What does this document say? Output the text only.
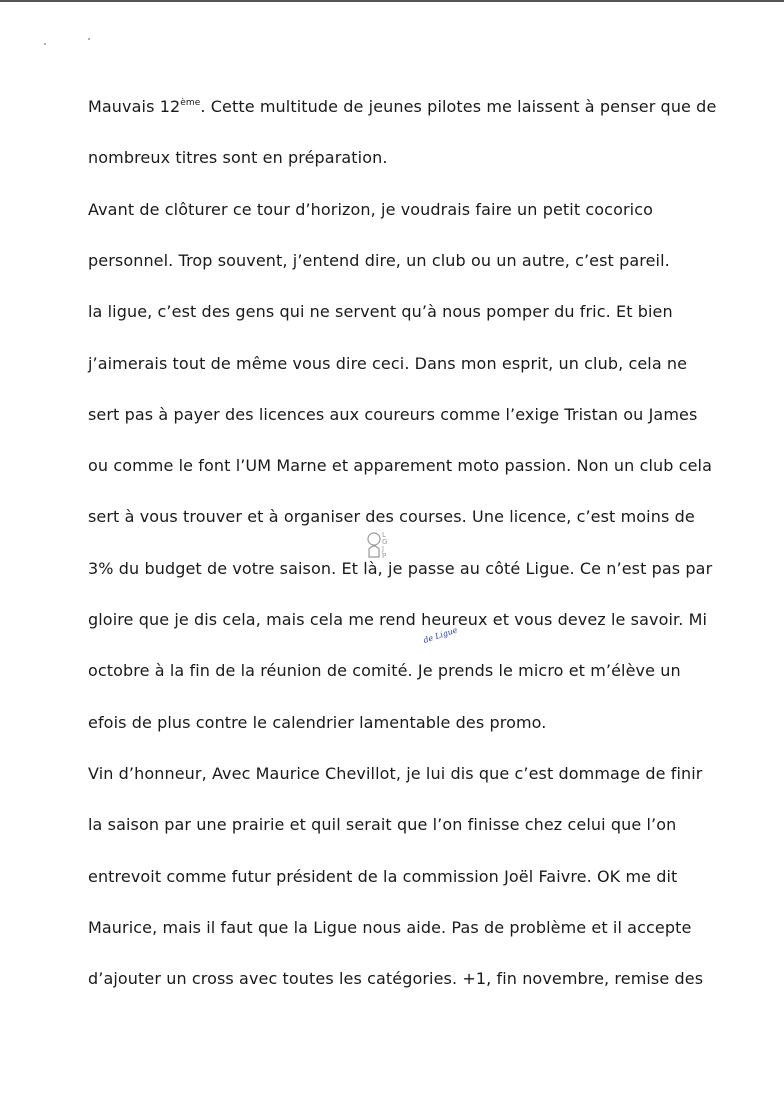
Mauvais 12ème. Cette multitude de jeunes pilotes me laissent à penser que de
nombreux titres sont en préparation.
Avant de clôturer ce tour d’horizon, je voudrais faire un petit cocorico
personnel. Trop souvent, j’entend dire, un club ou un autre, c’est pareil.
la ligue, c’est des gens qui ne servent qu’à nous pomper du fric. Et bien
j’aimerais tout de même vous dire ceci. Dans mon esprit, un club, cela ne
sert pas à payer des licences aux coureurs comme l’exige Tristan ou James
ou comme le font l’UM Marne et apparement moto passion. Non un club cela
sert à vous trouver et à organiser des courses. Une licence, c’est moins de
3% du budget de votre saison. Et là, je passe au côté Ligue. Ce n’est pas par
gloire que je dis cela, mais cela me rend heureux et vous devez le savoir. Mi
octobre à la fin de la réunion de comité. Je prends le micro et m’élève un
efois de plus contre le calendrier lamentable des promo.
Vin d’honneur, Avec Maurice Chevillot, je lui dis que c’est dommage de finir
la saison par une prairie et quil serait que l’on finisse chez celui que l’on
entrevoit comme futur président de la commission Joël Faivre. OK me dit
Maurice, mais il faut que la Ligue nous aide. Pas de problème et il accepte
d’ajouter un cross avec toutes les catégories. +1, fin novembre, remise des
L
G
J
P
de Ligue
